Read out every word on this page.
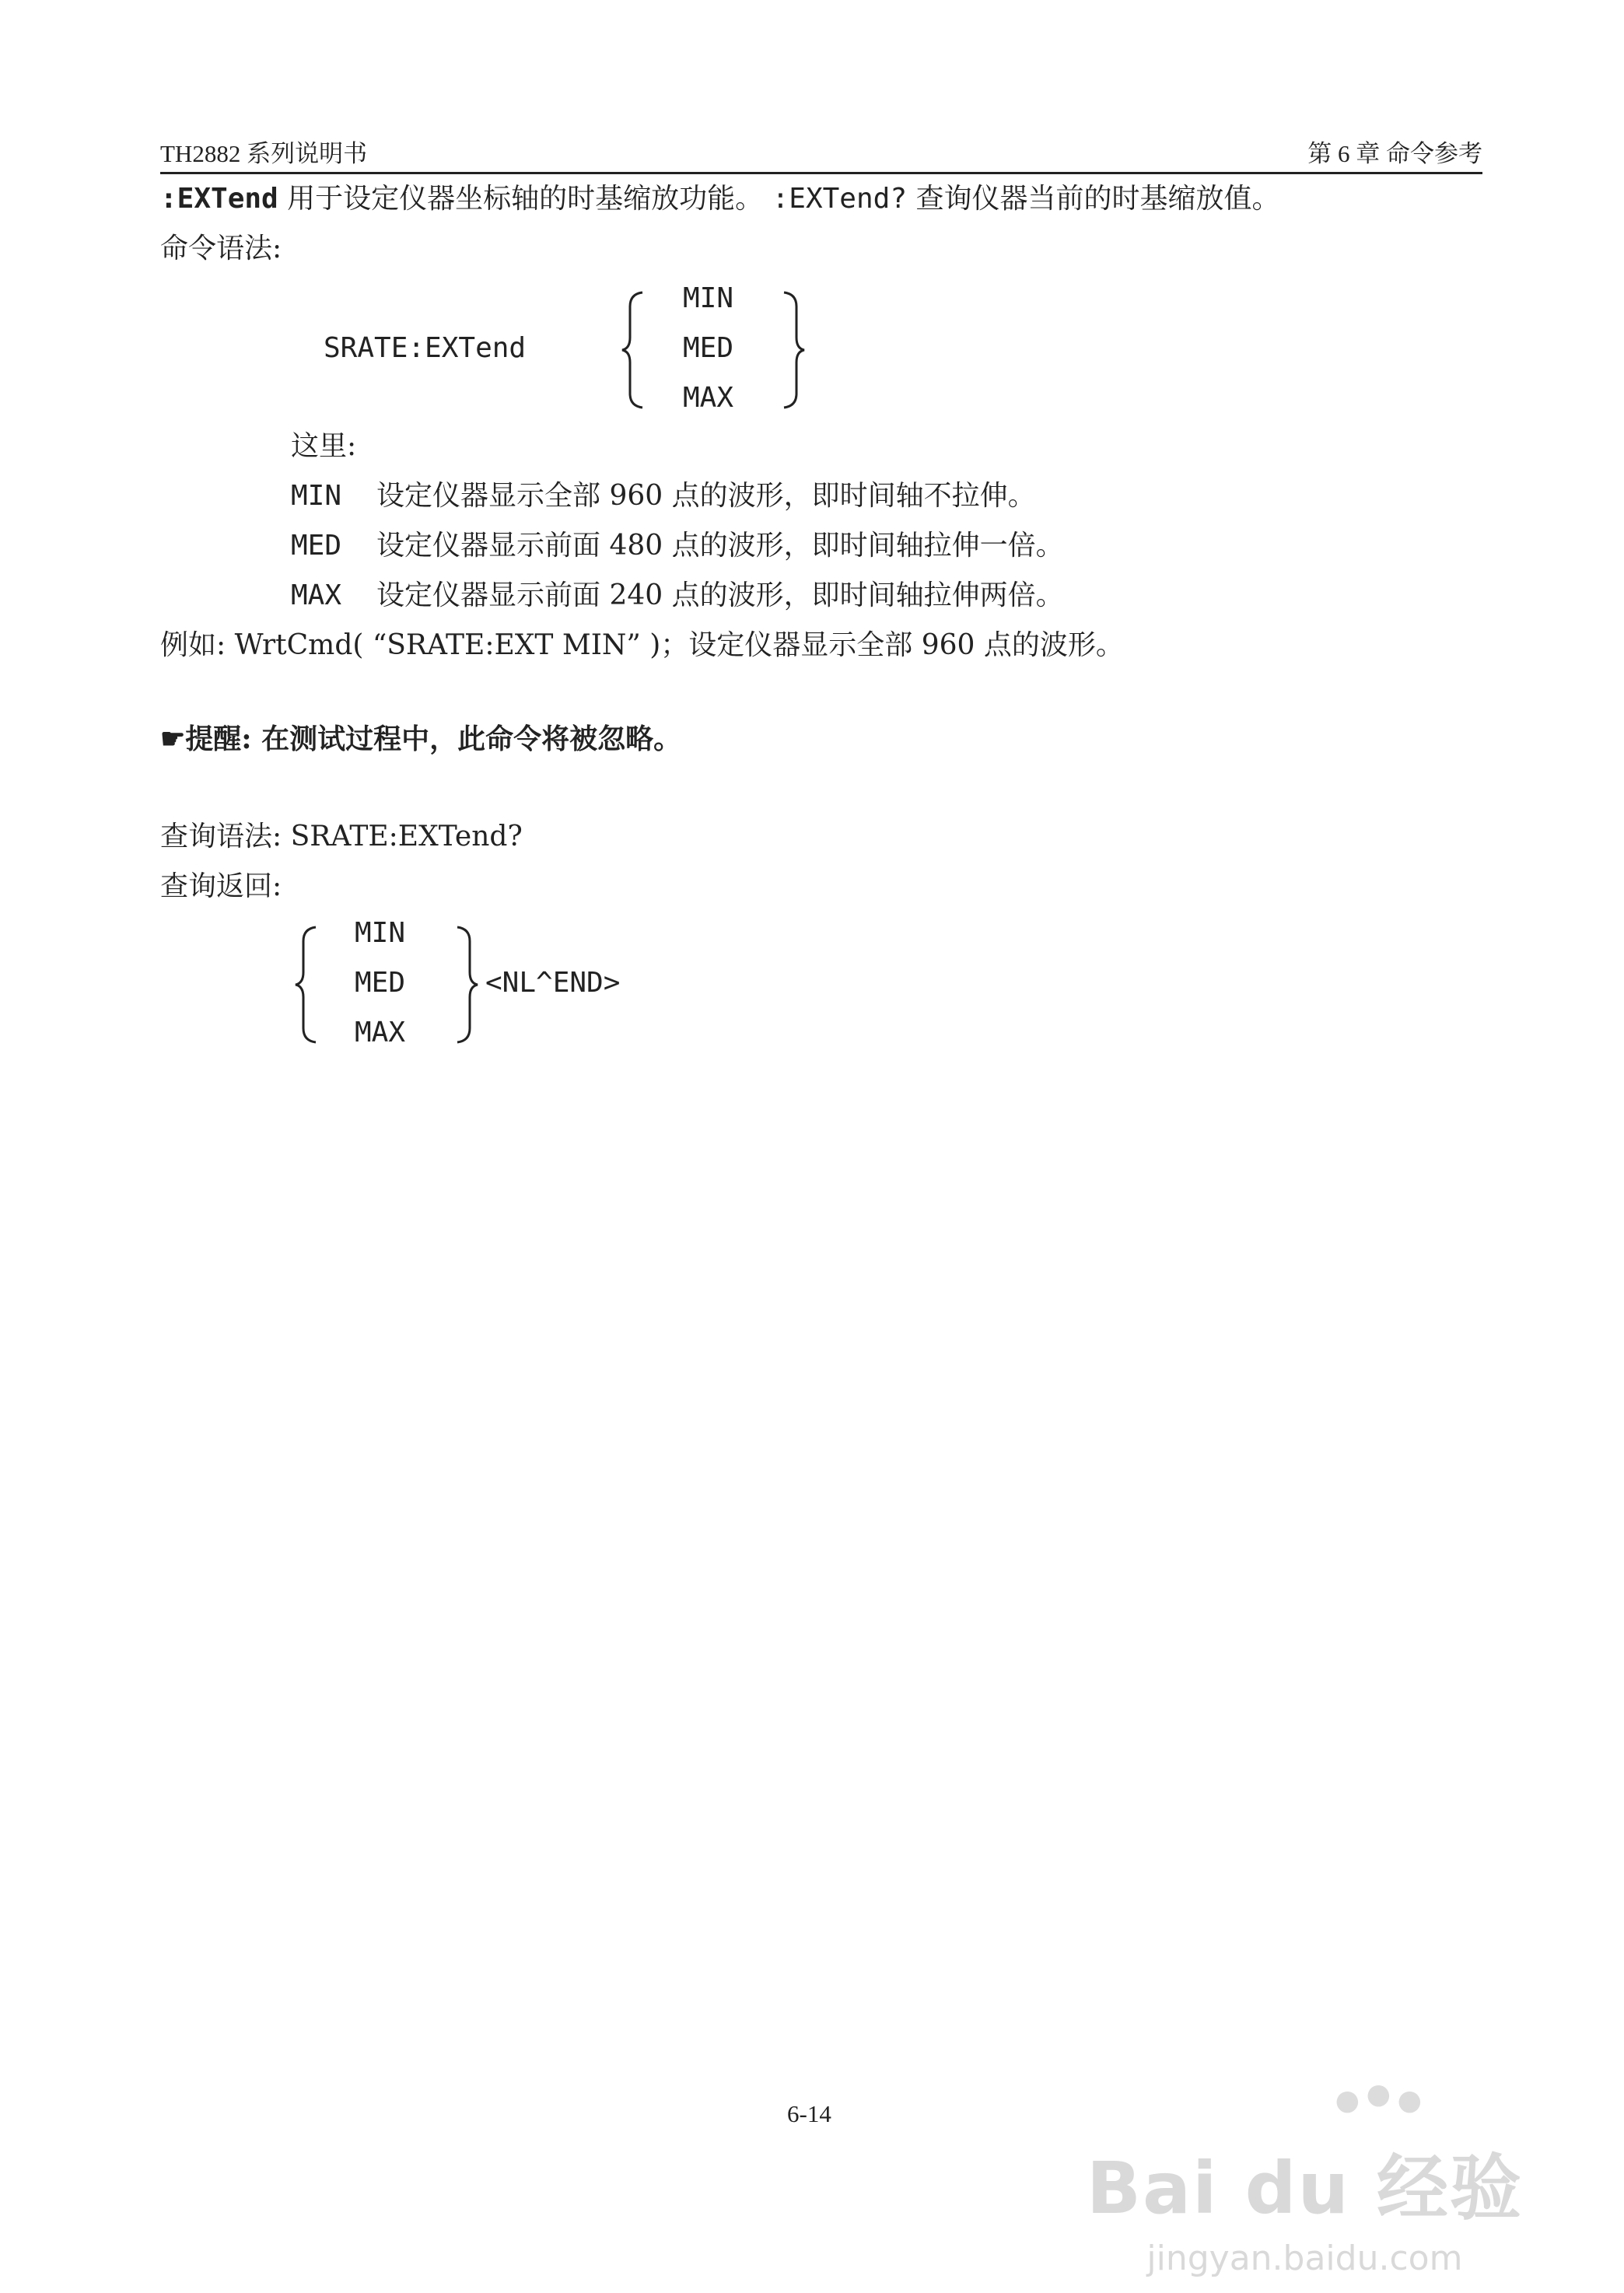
TH2882 系列说明书	第 6 章 命令参考
:EXTend 用于设定仪器坐标轴的时基缩放功能。 :EXTend? 查询仪器当前的时基缩放值。
命令语法:
SRATE:EXTend
MIN
MED
MAX
这里:
MIN 设定仪器显示全部 960 点的波形，即时间轴不拉伸。
MED 设定仪器显示前面 480 点的波形，即时间轴拉伸一倍。
MAX 设定仪器显示前面 240 点的波形，即时间轴拉伸两倍。
例如: WrtCmd( “SRATE:EXT MIN” )；设定仪器显示全部 960 点的波形。
☛提醒: 在测试过程中，此命令将被忽略。
查询语法: SRATE:EXTend?
查询返回:
MIN
MED
MAX
<NL^END>
6-14	● ● ●
Bai du 经验
jingyan.baidu.com
